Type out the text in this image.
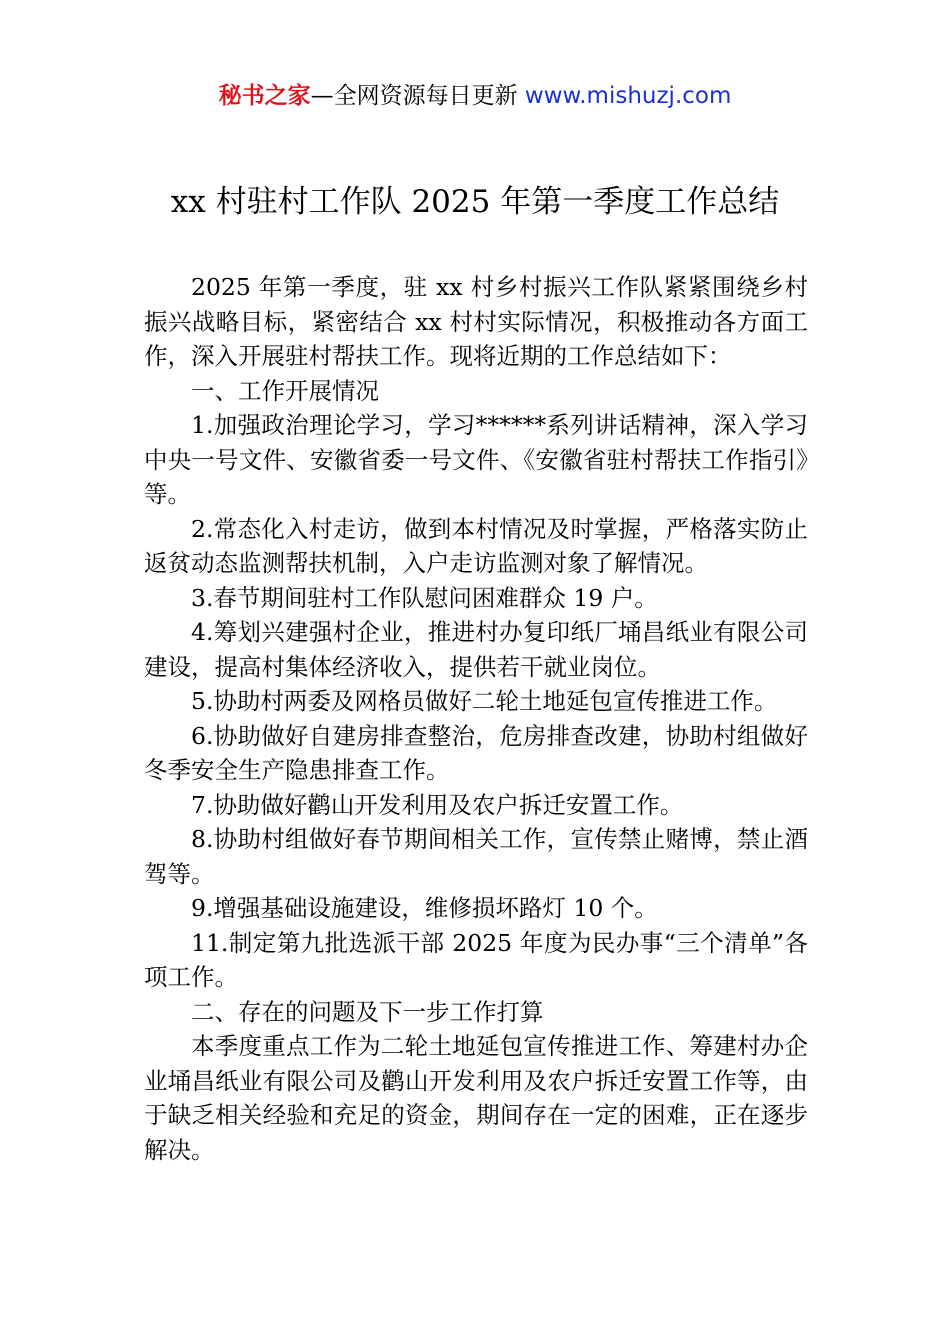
秘书之家—全网资源每日更新 www.mishuzj.com
xx 村驻村工作队 2025 年第一季度工作总结

2025 年第一季度，驻 xx 村乡村振兴工作队紧紧围绕乡村振兴战略目标，紧密结合 xx 村村实际情况，积极推动各方面工作，深入开展驻村帮扶工作。现将近期的工作总结如下：

一、工作开展情况

1.加强政治理论学习，学习******系列讲话精神，深入学习中央一号文件、安徽省委一号文件、《安徽省驻村帮扶工作指引》等。

2.常态化入村走访，做到本村情况及时掌握，严格落实防止返贫动态监测帮扶机制，入户走访监测对象了解情况。

3.春节期间驻村工作队慰问困难群众 19 户。

4.筹划兴建强村企业，推进村办复印纸厂埇昌纸业有限公司建设，提高村集体经济收入，提供若干就业岗位。

5.协助村两委及网格员做好二轮土地延包宣传推进工作。

6.协助做好自建房排查整治，危房排查改建，协助村组做好冬季安全生产隐患排查工作。

7.协助做好鹳山开发利用及农户拆迁安置工作。

8.协助村组做好春节期间相关工作，宣传禁止赌博，禁止酒驾等。

9.增强基础设施建设，维修损坏路灯 10 个。

11.制定第九批选派干部 2025 年度为民办事“三个清单”各项工作。

二、存在的问题及下一步工作打算

本季度重点工作为二轮土地延包宣传推进工作、筹建村办企业埇昌纸业有限公司及鹳山开发利用及农户拆迁安置工作等，由于缺乏相关经验和充足的资金，期间存在一定的困难，正在逐步解决。
